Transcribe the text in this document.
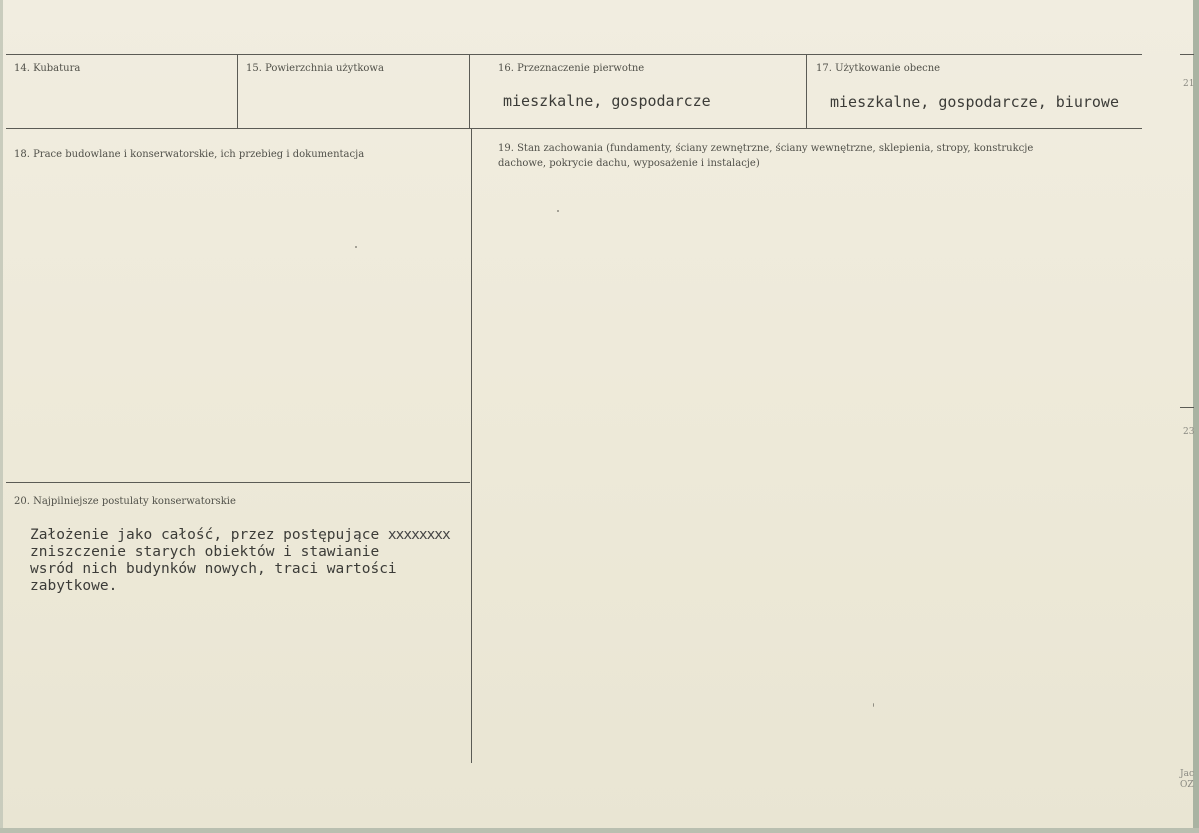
14. Kubatura	15. Powierzchnia użytkowa	16. Przeznaczenie pierwotne
mieszkalne, gospodarcze
17. Użytkowanie obecne
mieszkalne, gospodarcze, biurowe
18. Prace budowlane i konserwatorskie, ich przebieg i dokumentacja
19. Stan zachowania (fundamenty, ściany zewnętrzne, ściany wewnętrzne, sklepienia, stropy, konstrukcje dachowe, pokrycie dachu, wyposażenie i instalacje)
20. Najpilniejsze postulaty konserwatorskie
Założenie jako całość, przez postępujące xxxxxxxx
zniszczenie starych obiektów i stawianie
wsród nich budynków nowych, traci wartości
zabytkowe.
21
23
Jac
OZ
